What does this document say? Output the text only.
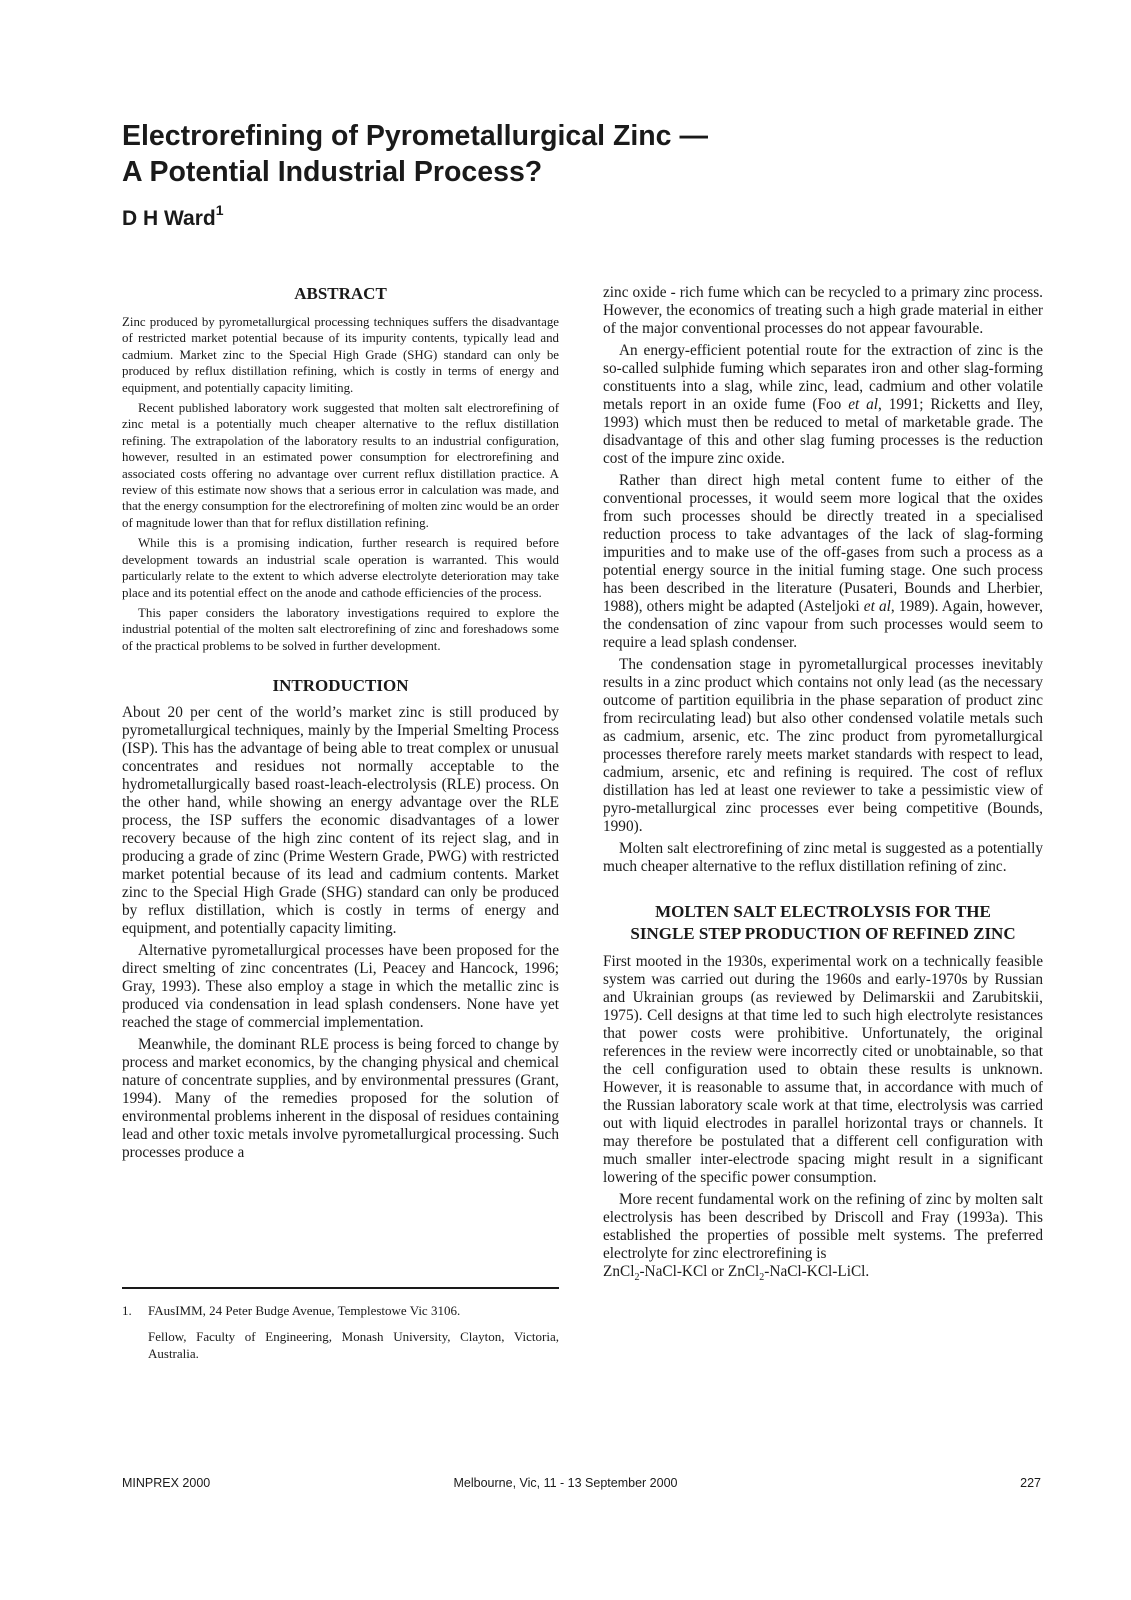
Electrorefining of Pyrometallurgical Zinc —
A Potential Industrial Process?

D H Ward$^1$

ABSTRACT

Zinc produced by pyrometallurgical processing techniques suffers the disadvantage of restricted market potential because of its impurity contents, typically lead and cadmium. Market zinc to the Special High Grade (SHG) standard can only be produced by reflux distillation refining, which is costly in terms of energy and equipment, and potentially capacity limiting.

Recent published laboratory work suggested that molten salt electrorefining of zinc metal is a potentially much cheaper alternative to the reflux distillation refining. The extrapolation of the laboratory results to an industrial configuration, however, resulted in an estimated power consumption for electrorefining and associated costs offering no advantage over current reflux distillation practice. A review of this estimate now shows that a serious error in calculation was made, and that the energy consumption for the electrorefining of molten zinc would be an order of magnitude lower than that for reflux distillation refining.

While this is a promising indication, further research is required before development towards an industrial scale operation is warranted. This would particularly relate to the extent to which adverse electrolyte deterioration may take place and its potential effect on the anode and cathode efficiencies of the process.

This paper considers the laboratory investigations required to explore the industrial potential of the molten salt electrorefining of zinc and foreshadows some of the practical problems to be solved in further development.

INTRODUCTION

About 20 per cent of the world’s market zinc is still produced by pyrometallurgical techniques, mainly by the Imperial Smelting Process (ISP). This has the advantage of being able to treat complex or unusual concentrates and residues not normally acceptable to the hydrometallurgically based roast-leach-electrolysis (RLE) process. On the other hand, while showing an energy advantage over the RLE process, the ISP suffers the economic disadvantages of a lower recovery because of the high zinc content of its reject slag, and in producing a grade of zinc (Prime Western Grade, PWG) with restricted market potential because of its lead and cadmium contents. Market zinc to the Special High Grade (SHG) standard can only be produced by reflux distillation, which is costly in terms of energy and equipment, and potentially capacity limiting.

Alternative pyrometallurgical processes have been proposed for the direct smelting of zinc concentrates (Li, Peacey and Hancock, 1996; Gray, 1993). These also employ a stage in which the metallic zinc is produced via condensation in lead splash condensers. None have yet reached the stage of commercial implementation.

Meanwhile, the dominant RLE process is being forced to change by process and market economics, by the changing physical and chemical nature of concentrate supplies, and by environmental pressures (Grant, 1994). Many of the remedies proposed for the solution of environmental problems inherent in the disposal of residues containing lead and other toxic metals involve pyrometallurgical processing. Such processes produce a

1. FAusIMM, 24 Peter Budge Avenue, Templestowe Vic 3106.

Fellow, Faculty of Engineering, Monash University, Clayton, Victoria, Australia.

zinc oxide - rich fume which can be recycled to a primary zinc process. However, the economics of treating such a high grade material in either of the major conventional processes do not appear favourable.

An energy-efficient potential route for the extraction of zinc is the so-called sulphide fuming which separates iron and other slag-forming constituents into a slag, while zinc, lead, cadmium and other volatile metals report in an oxide fume (Foo et al, 1991; Ricketts and Iley, 1993) which must then be reduced to metal of marketable grade. The disadvantage of this and other slag fuming processes is the reduction cost of the impure zinc oxide.

Rather than direct high metal content fume to either of the conventional processes, it would seem more logical that the oxides from such processes should be directly treated in a specialised reduction process to take advantages of the lack of slag-forming impurities and to make use of the off-gases from such a process as a potential energy source in the initial fuming stage. One such process has been described in the literature (Pusateri, Bounds and Lherbier, 1988), others might be adapted (Asteljoki et al, 1989). Again, however, the condensation of zinc vapour from such processes would seem to require a lead splash condenser.

The condensation stage in pyrometallurgical processes inevitably results in a zinc product which contains not only lead (as the necessary outcome of partition equilibria in the phase separation of product zinc from recirculating lead) but also other condensed volatile metals such as cadmium, arsenic, etc. The zinc product from pyrometallurgical processes therefore rarely meets market standards with respect to lead, cadmium, arsenic, etc and refining is required. The cost of reflux distillation has led at least one reviewer to take a pessimistic view of pyro-metallurgical zinc processes ever being competitive (Bounds, 1990).

Molten salt electrorefining of zinc metal is suggested as a potentially much cheaper alternative to the reflux distillation refining of zinc.

MOLTEN SALT ELECTROLYSIS FOR THE
SINGLE STEP PRODUCTION OF REFINED ZINC

First mooted in the 1930s, experimental work on a technically feasible system was carried out during the 1960s and early-1970s by Russian and Ukrainian groups (as reviewed by Delimarskii and Zarubitskii, 1975). Cell designs at that time led to such high electrolyte resistances that power costs were prohibitive. Unfortunately, the original references in the review were incorrectly cited or unobtainable, so that the cell configuration used to obtain these results is unknown. However, it is reasonable to assume that, in accordance with much of the Russian laboratory scale work at that time, electrolysis was carried out with liquid electrodes in parallel horizontal trays or channels. It may therefore be postulated that a different cell configuration with much smaller inter-electrode spacing might result in a significant lowering of the specific power consumption.

More recent fundamental work on the refining of zinc by molten salt electrolysis has been described by Driscoll and Fray (1993a). This established the properties of possible melt systems. The preferred electrolyte for zinc electrorefining is

ZnCl$_2$-NaCl-KCl or ZnCl$_2$-NaCl-KCl-LiCl.

MINPREX 2000	Melbourne, Vic, 11 - 13 September 2000	227
